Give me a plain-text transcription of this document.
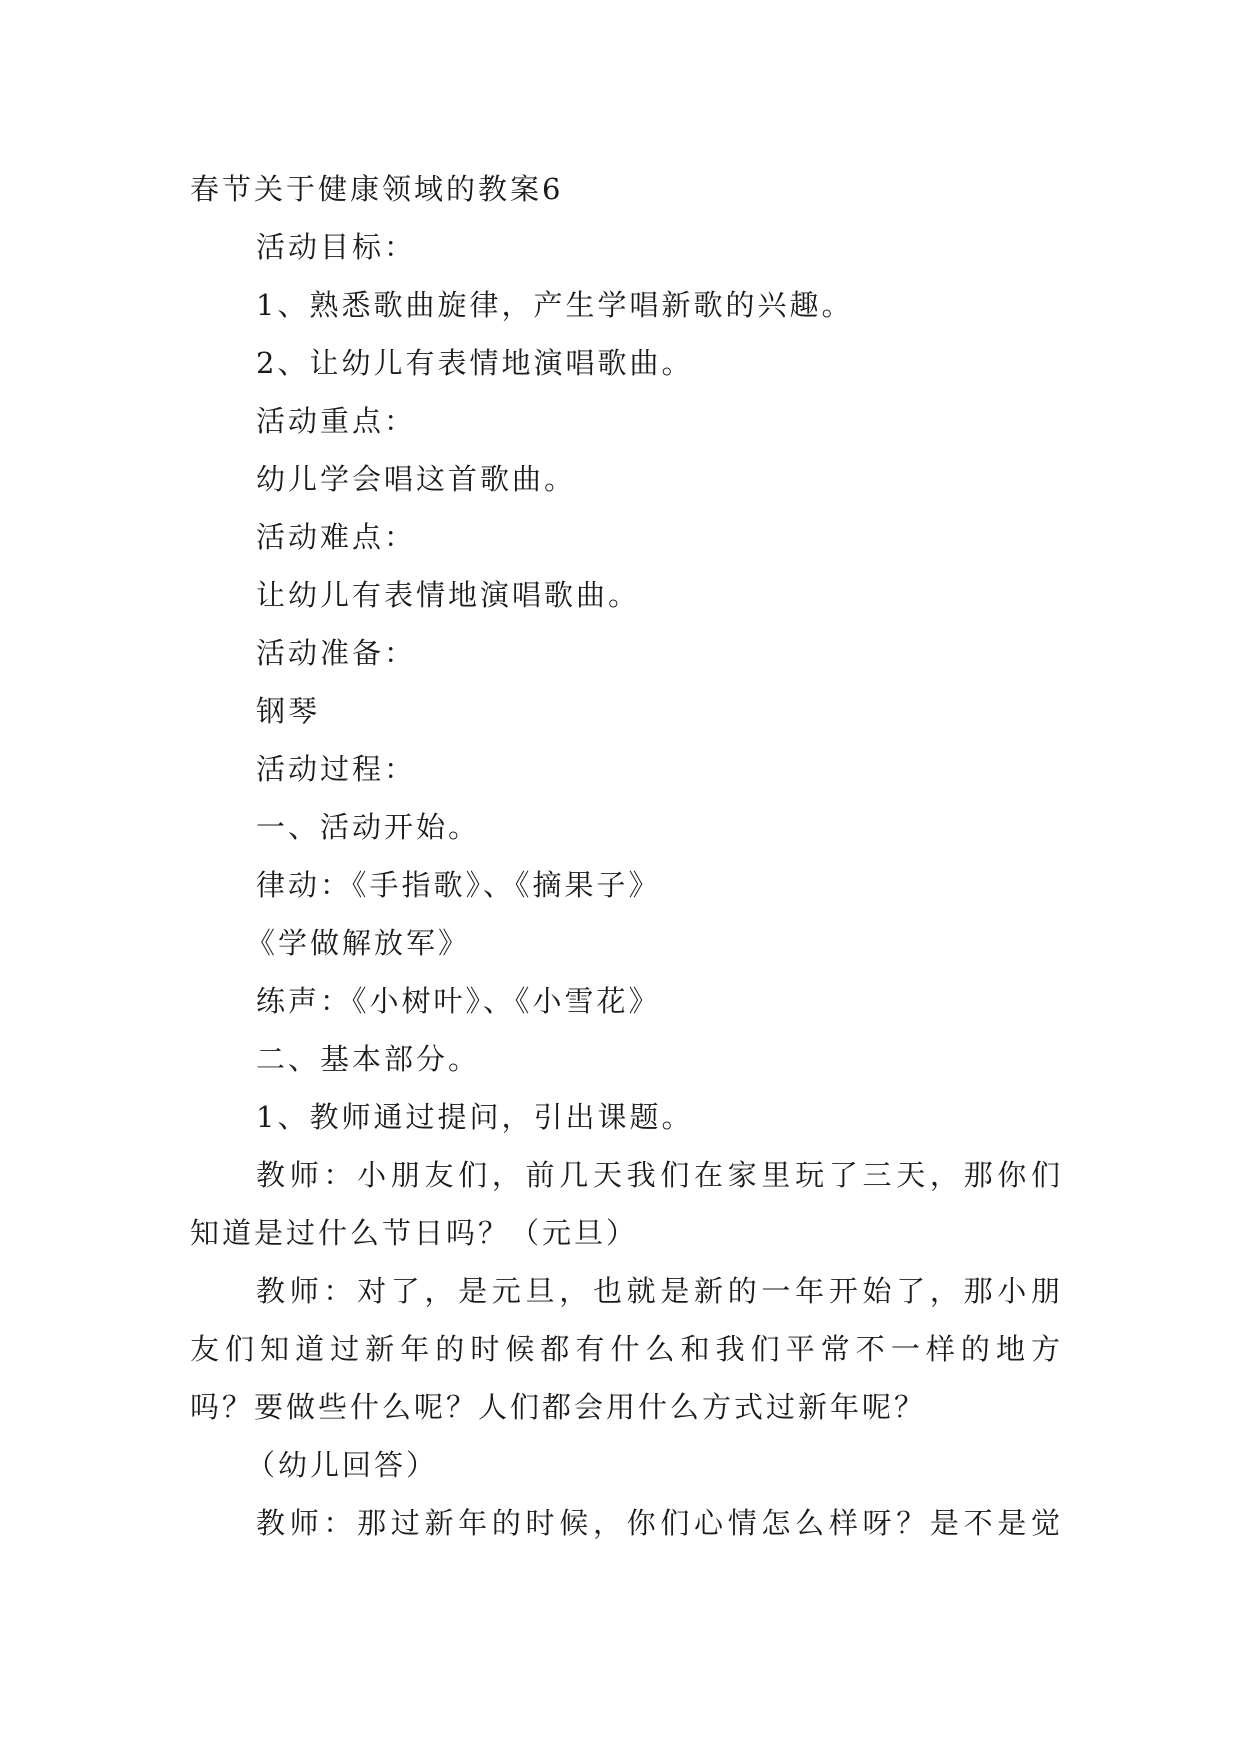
春节关于健康领域的教案6
活动目标：
1、熟悉歌曲旋律，产生学唱新歌的兴趣。
2、让幼儿有表情地演唱歌曲。
活动重点：
幼儿学会唱这首歌曲。
活动难点：
让幼儿有表情地演唱歌曲。
活动准备：
钢琴
活动过程：
一、活动开始。
律动：《手指歌》、《摘果子》
《学做解放军》
练声：《小树叶》、《小雪花》
二、基本部分。
1、教师通过提问，引出课题。
教师：小朋友们，前几天我们在家里玩了三天，那你们
知道是过什么节日吗？（元旦）
教师：对了，是元旦，也就是新的一年开始了，那小朋
友们知道过新年的时候都有什么和我们平常不一样的地方
吗？要做些什么呢？人们都会用什么方式过新年呢？
（幼儿回答）
教师：那过新年的时候，你们心情怎么样呀？是不是觉
